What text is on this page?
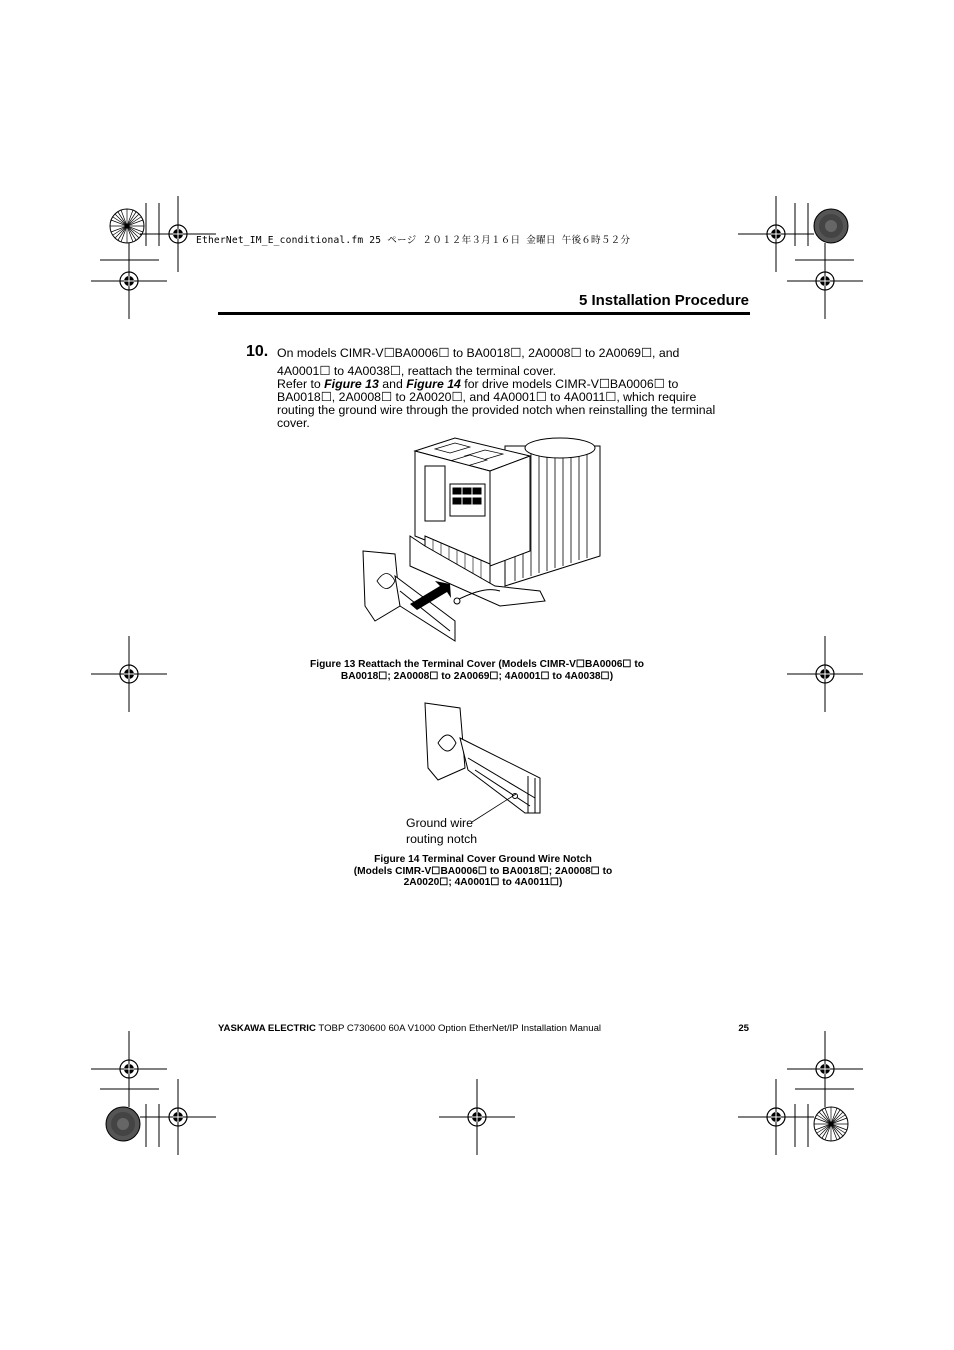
EtherNet_IM_E_conditional.fm 25 ページ ２０１２年３月１６日 金曜日 午後６時５２分
5 Installation Procedure
10. On models CIMR-V☐BA0006☐ to BA0018☐, 2A0008☐ to 2A0069☐, and
4A0001☐ to 4A0038☐, reattach the terminal cover.
Refer to Figure 13 and Figure 14 for drive models CIMR-V☐BA0006☐ to
BA0018☐, 2A0008☐ to 2A0020☐, and 4A0001☐ to 4A0011☐, which require
routing the ground wire through the provided notch when reinstalling the terminal
cover.
Figure 13 Reattach the Terminal Cover (Models CIMR-V☐BA0006☐ to
BA0018☐; 2A0008☐ to 2A0069☐; 4A0001☐ to 4A0038☐)
Ground wire
routing notch
Figure 14 Terminal Cover Ground Wire Notch
(Models CIMR-V☐BA0006☐ to BA0018☐; 2A0008☐ to
2A0020☐; 4A0001☐ to 4A0011☐)
YASKAWA ELECTRIC TOBP C730600 60A V1000 Option EtherNet/IP Installation Manual	25
